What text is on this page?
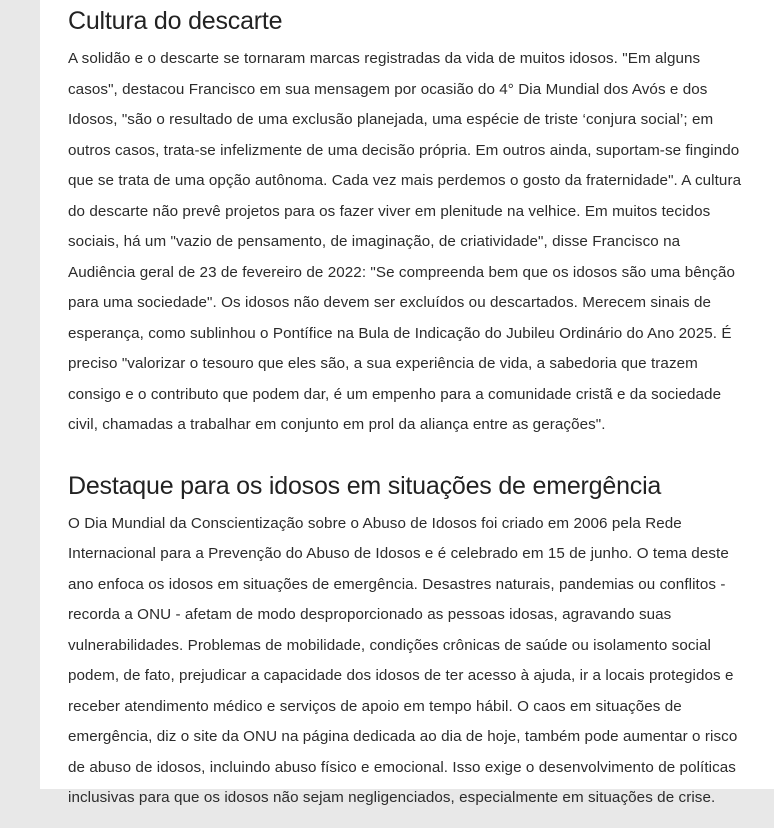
Cultura do descarte

A solidão e o descarte se tornaram marcas registradas da vida de muitos idosos. "Em alguns casos", destacou Francisco em sua mensagem por ocasião do 4° Dia Mundial dos Avós e dos Idosos, "são o resultado de uma exclusão planejada, uma espécie de triste ‘conjura social’; em outros casos, trata-se infelizmente de uma decisão própria. Em outros ainda, suportam-se fingindo que se trata de uma opção autônoma. Cada vez mais perdemos o gosto da fraternidade". A cultura do descarte não prevê projetos para os fazer viver em plenitude na velhice. Em muitos tecidos sociais, há um "vazio de pensamento, de imaginação, de criatividade", disse Francisco na Audiência geral de 23 de fevereiro de 2022: "Se compreenda bem que os idosos são uma bênção para uma sociedade". Os idosos não devem ser excluídos ou descartados. Merecem sinais de esperança, como sublinhou o Pontífice na Bula de Indicação do Jubileu Ordinário do Ano 2025. É preciso "valorizar o tesouro que eles são, a sua experiência de vida, a sabedoria que trazem consigo e o contributo que podem dar, é um empenho para a comunidade cristã e da sociedade civil, chamadas a trabalhar em conjunto em prol da aliança entre as gerações".

Destaque para os idosos em situações de emergência

O Dia Mundial da Conscientização sobre o Abuso de Idosos foi criado em 2006 pela Rede Internacional para a Prevenção do Abuso de Idosos e é celebrado em 15 de junho. O tema deste ano enfoca os idosos em situações de emergência. Desastres naturais, pandemias ou conflitos - recorda a ONU - afetam de modo desproporcionado as pessoas idosas, agravando suas vulnerabilidades. Problemas de mobilidade, condições crônicas de saúde ou isolamento social podem, de fato, prejudicar a capacidade dos idosos de ter acesso à ajuda, ir a locais protegidos e receber atendimento médico e serviços de apoio em tempo hábil. O caos em situações de emergência, diz o site da ONU na página dedicada ao dia de hoje, também pode aumentar o risco de abuso de idosos, incluindo abuso físico e emocional. Isso exige o desenvolvimento de políticas inclusivas para que os idosos não sejam negligenciados, especialmente em situações de crise.
